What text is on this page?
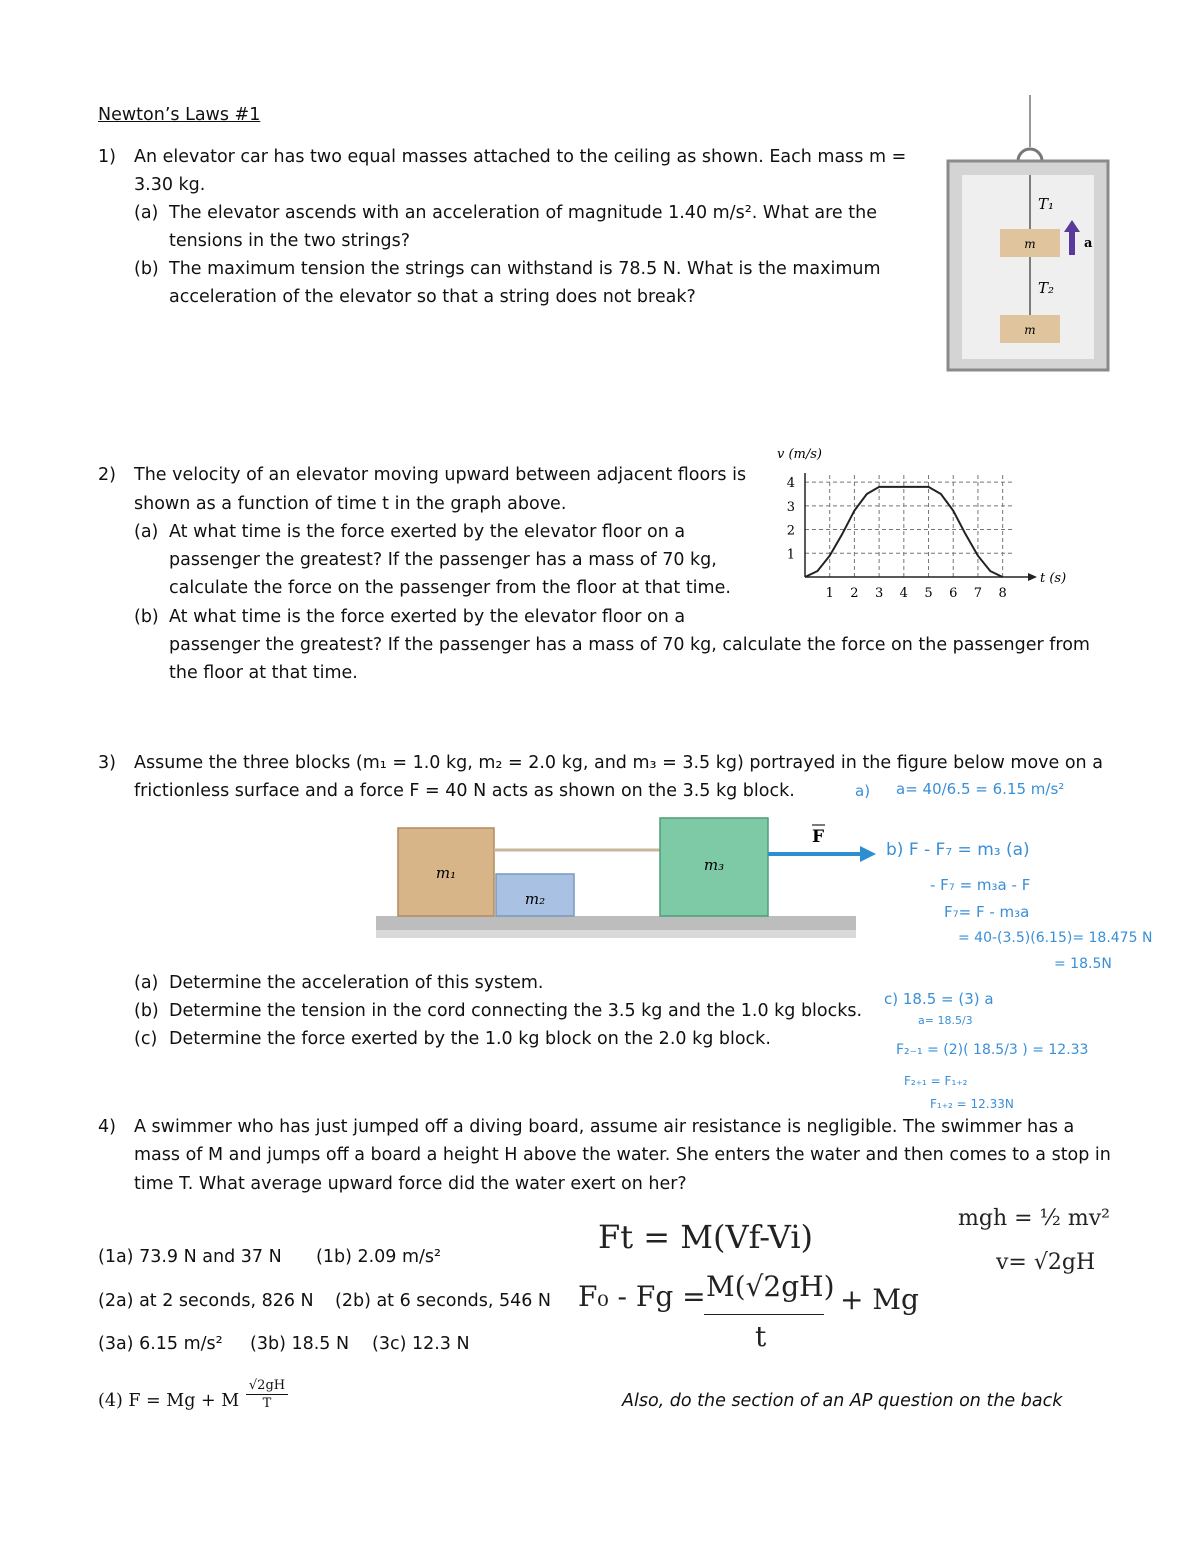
Newton’s Laws #1
1) An elevator car has two equal masses attached to the ceiling as shown. Each mass m =
3.30 kg.
(a) The elevator ascends with an acceleration of magnitude 1.40 m/s². What are the
tensions in the two strings?
(b) The maximum tension the strings can withstand is 78.5 N. What is the maximum
acceleration of the elevator so that a string does not break?
T₁
T₂
m
m
a
2) The velocity of an elevator moving upward between adjacent floors is
shown as a function of time t in the graph above.
(a) At what time is the force exerted by the elevator floor on a
passenger the greatest? If the passenger has a mass of 70 kg,
calculate the force on the passenger from the floor at that time.
(b) At what time is the force exerted by the elevator floor on a
passenger the greatest? If the passenger has a mass of 70 kg, calculate the force on the passenger from
the floor at that time.
1 2 3 4 5 6 7 8
1
2
3
4
v (m/s)
t (s)
3) Assume the three blocks (m₁ = 1.0 kg, m₂ = 2.0 kg, and m₃ = 3.5 kg) portrayed in the figure below move on a
frictionless surface and a force F = 40 N acts as shown on the 3.5 kg block.
m₁
m₂
m₃
F
(a) Determine the acceleration of this system.
(b) Determine the tension in the cord connecting the 3.5 kg and the 1.0 kg blocks.
(c) Determine the force exerted by the 1.0 kg block on the 2.0 kg block.
a) a= 40/6.5 = 6.15 m/s²
b) F - F₇ = m₃ (a)
- F₇ = m₃a - F
F₇= F - m₃a
= 40-(3.5)(6.15)= 18.475 N
= 18.5N
c) 18.5 = (3) a
a= 18.5/3
F₂₋₁ = (2)( 18.5/3 ) = 12.33
F₂₊₁ = F₁₊₂
F₁₊₂ = 12.33N
4) A swimmer who has just jumped off a diving board, assume air resistance is negligible. The swimmer has a
mass of M and jumps off a board a height H above the water. She enters the water and then comes to a stop in
time T. What average upward force did the water exert on her?
Ft = M(Vf-Vi)
F₀ - Fg = M(√2gH)
t
+ Mg
mgh = ½ mv²
v= √2gH
(1a) 73.9 N and 37 N (1b) 2.09 m/s²
(2a) at 2 seconds, 826 N (2b) at 6 seconds, 546 N
(3a) 6.15 m/s² (3b) 18.5 N (3c) 12.3 N
(4) F = Mg + M
√2gH
T	Also, do the section of an AP question on the back
